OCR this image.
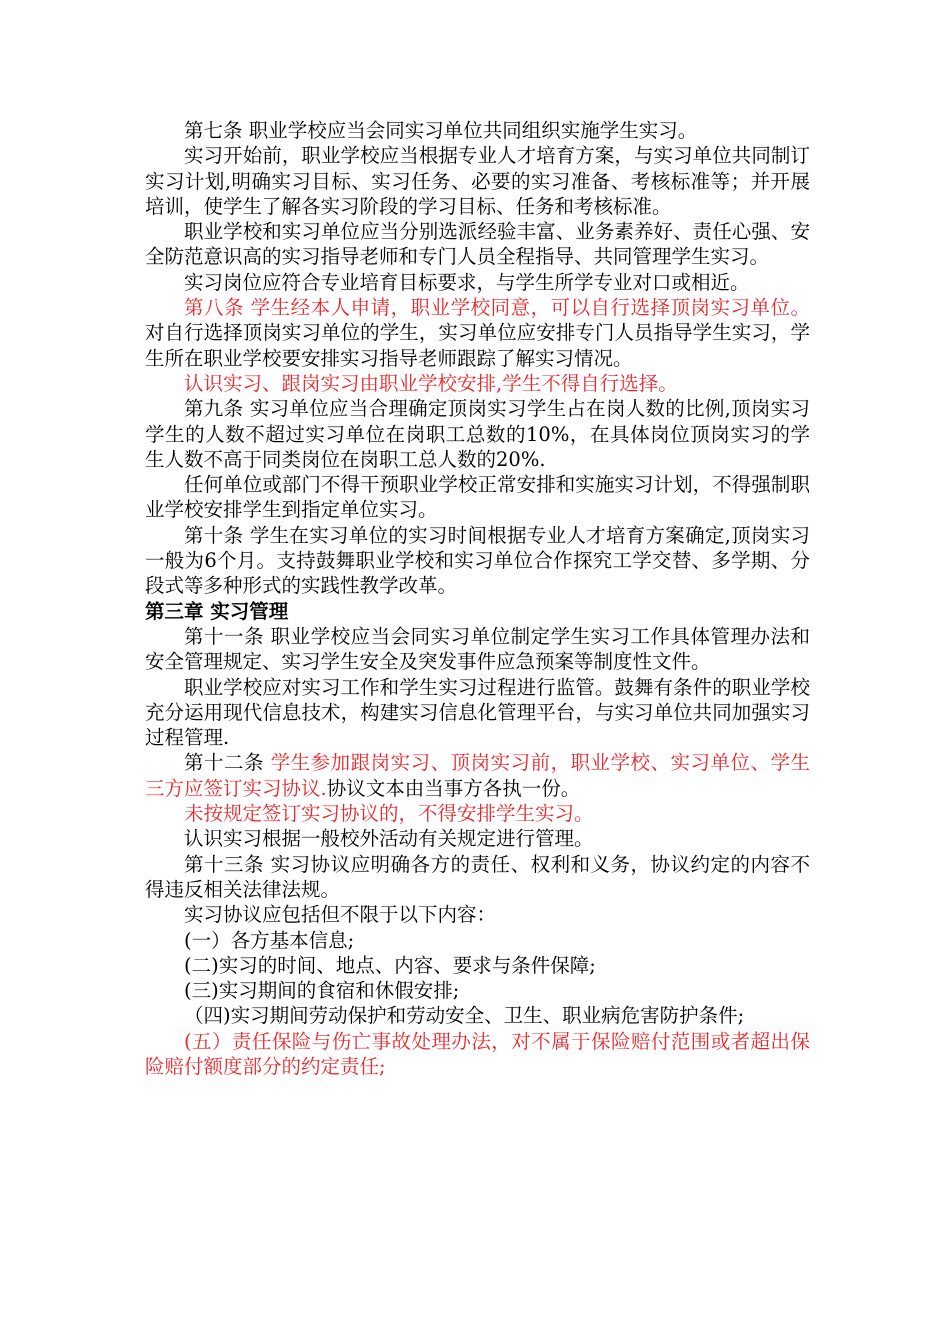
第七条 职业学校应当会同实习单位共同组织实施学生实习。

实习开始前，职业学校应当根据专业人才培育方案，与实习单位共同制订实习计划,明确实习目标、实习任务、必要的实习准备、考核标准等；并开展培训，使学生了解各实习阶段的学习目标、任务和考核标准。

职业学校和实习单位应当分别选派经验丰富、业务素养好、责任心强、安全防范意识高的实习指导老师和专门人员全程指导、共同管理学生实习。

实习岗位应符合专业培育目标要求，与学生所学专业对口或相近。

第八条 学生经本人申请，职业学校同意，可以自行选择顶岗实习单位。对自行选择顶岗实习单位的学生，实习单位应安排专门人员指导学生实习，学生所在职业学校要安排实习指导老师跟踪了解实习情况。

认识实习、跟岗实习由职业学校安排,学生不得自行选择。

第九条 实习单位应当合理确定顶岗实习学生占在岗人数的比例,顶岗实习学生的人数不超过实习单位在岗职工总数的10%，在具体岗位顶岗实习的学生人数不高于同类岗位在岗职工总人数的20%.

任何单位或部门不得干预职业学校正常安排和实施实习计划，不得强制职业学校安排学生到指定单位实习。

第十条 学生在实习单位的实习时间根据专业人才培育方案确定,顶岗实习一般为6个月。支持鼓舞职业学校和实习单位合作探究工学交替、多学期、分段式等多种形式的实践性教学改革。

第三章 实习管理

第十一条 职业学校应当会同实习单位制定学生实习工作具体管理办法和安全管理规定、实习学生安全及突发事件应急预案等制度性文件。

职业学校应对实习工作和学生实习过程进行监管。鼓舞有条件的职业学校充分运用现代信息技术，构建实习信息化管理平台，与实习单位共同加强实习过程管理.

第十二条 学生参加跟岗实习、顶岗实习前，职业学校、实习单位、学生三方应签订实习协议.协议文本由当事方各执一份。

未按规定签订实习协议的，不得安排学生实习。

认识实习根据一般校外活动有关规定进行管理。

第十三条 实习协议应明确各方的责任、权利和义务，协议约定的内容不得违反相关法律法规。

实习协议应包括但不限于以下内容：

(一）各方基本信息;

(二)实习的时间、地点、内容、要求与条件保障;

(三)实习期间的食宿和休假安排;

（四)实习期间劳动保护和劳动安全、卫生、职业病危害防护条件;

(五）责任保险与伤亡事故处理办法，对不属于保险赔付范围或者超出保险赔付额度部分的约定责任;
